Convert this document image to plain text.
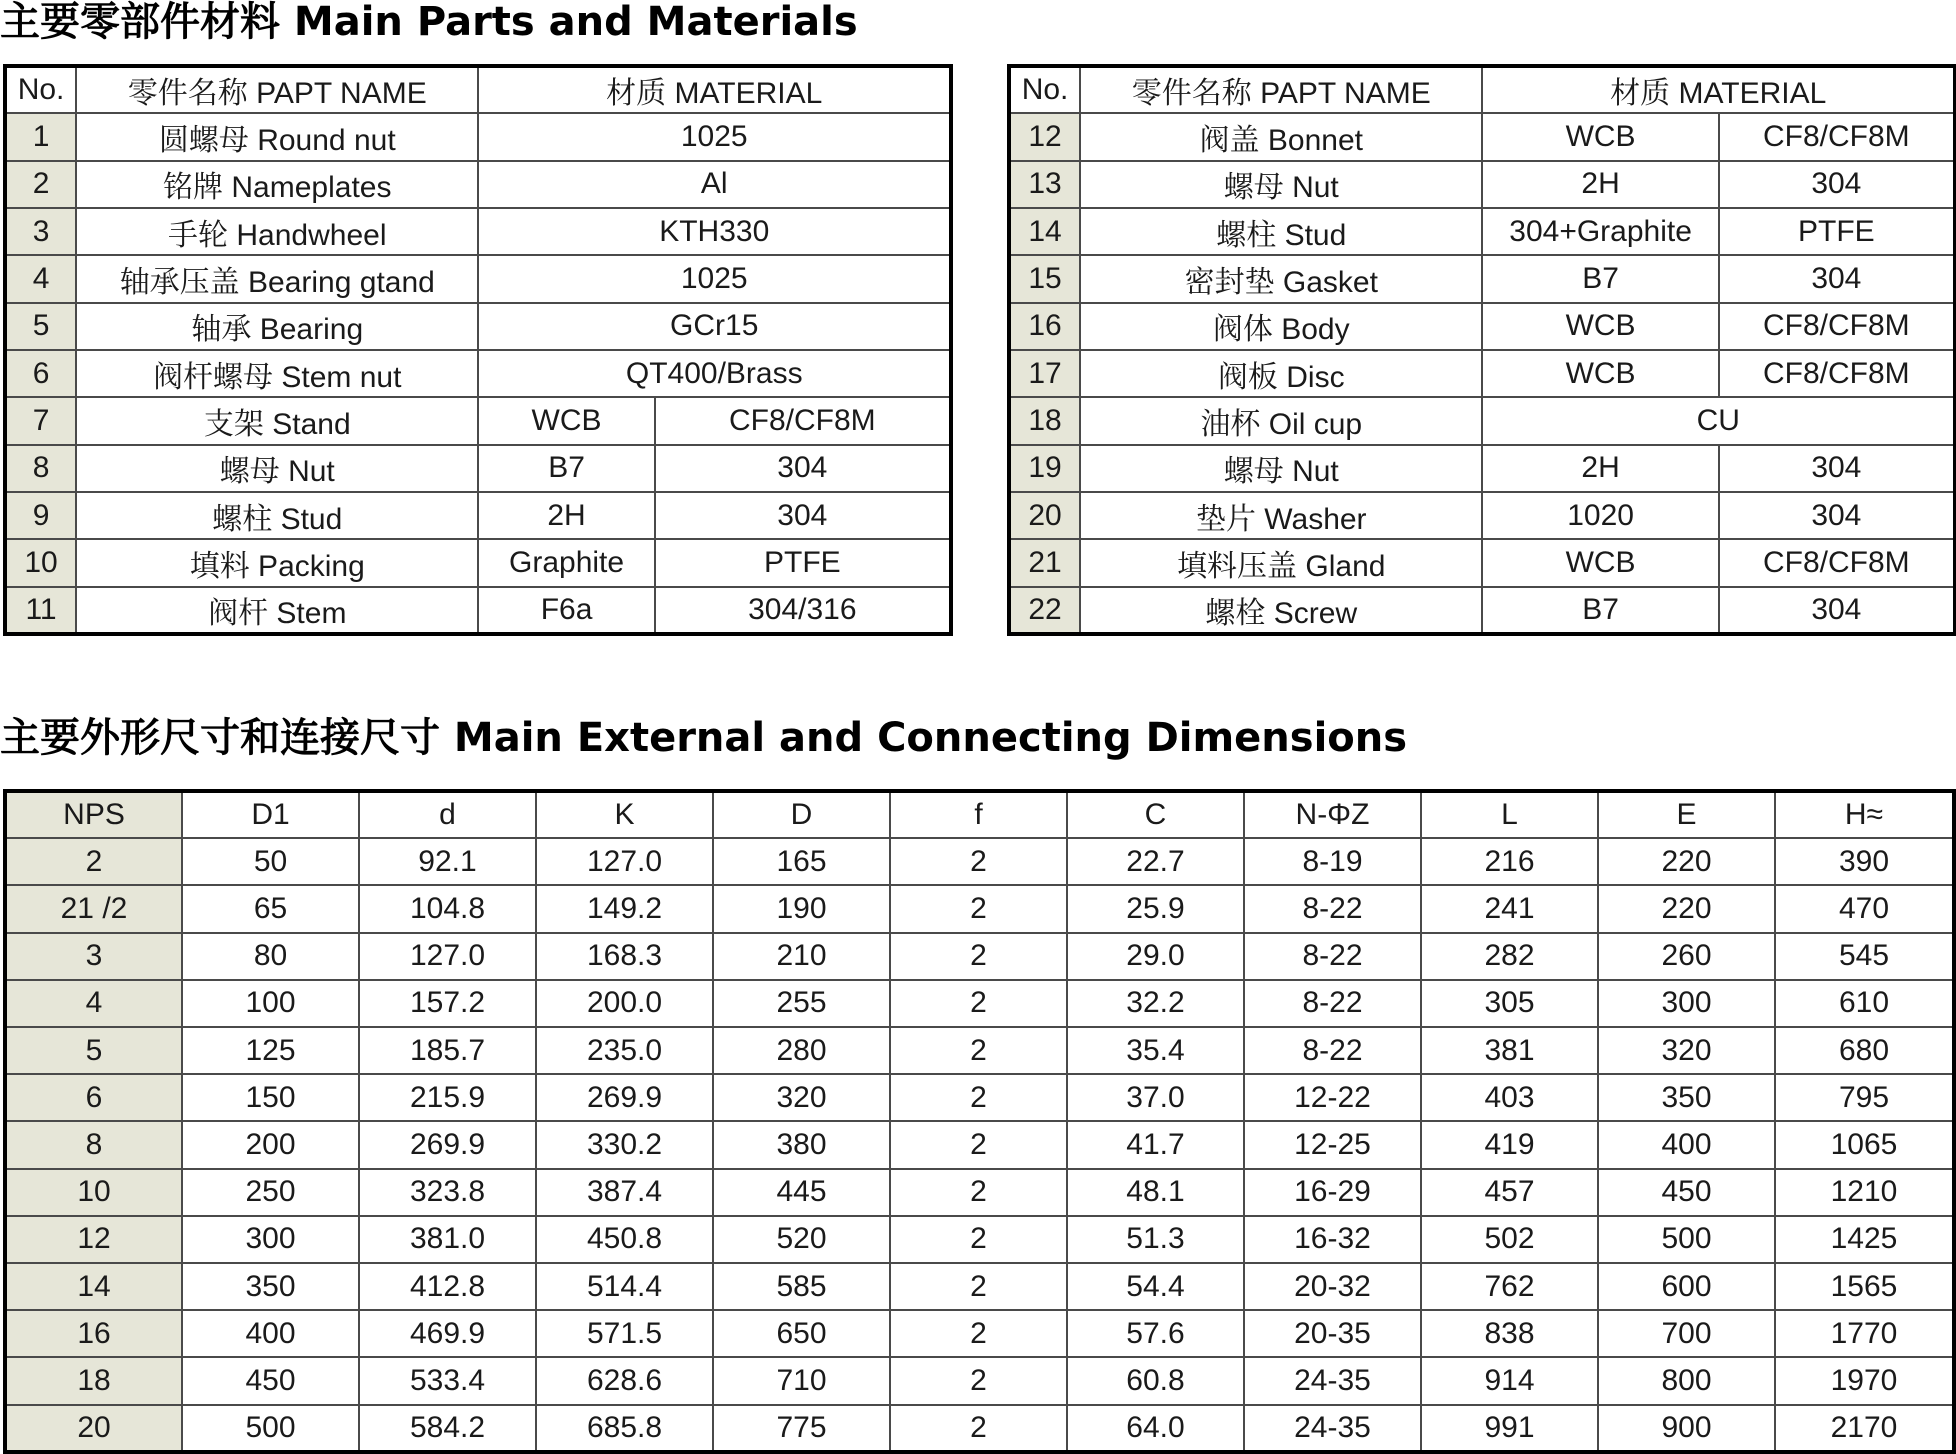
主要零部件材料 Main Parts and Materials
No.	零件名称 PAPT NAME	材质 MATERIAL	
1	圆螺母 Round nut	1025	
2	铭牌 Nameplates	Al	
3	手轮 Handwheel	KTH330	
4	轴承压盖 Bearing gtand	1025	
5	轴承 Bearing	GCr15	
6	阀杆螺母 Stem nut	QT400/Brass	
7	支架 Stand	WCB	CF8/CF8M
8	螺母 Nut	B7	304
9	螺柱 Stud	2H	304
10	填料 Packing	Graphite	PTFE
11	阀杆 Stem	F6a	304/316
No.	零件名称 PAPT NAME	材质 MATERIAL	
12	阀盖 Bonnet	WCB	CF8/CF8M
13	螺母 Nut	2H	304
14	螺柱 Stud	304+Graphite	PTFE
15	密封垫 Gasket	B7	304
16	阀体 Body	WCB	CF8/CF8M
17	阀板 Disc	WCB	CF8/CF8M
18	油杯 Oil cup	CU	
19	螺母 Nut	2H	304
20	垫片 Washer	1020	304
21	填料压盖 Gland	WCB	CF8/CF8M
22	螺栓 Screw	B7	304
主要外形尺寸和连接尺寸 Main External and Connecting Dimensions
NPS	D1	d	K	D	f	C	N-ΦZ	L	E	H≈
2	50	92.1	127.0	165	2	22.7	8-19	216	220	390
21 /2	65	104.8	149.2	190	2	25.9	8-22	241	220	470
3	80	127.0	168.3	210	2	29.0	8-22	282	260	545
4	100	157.2	200.0	255	2	32.2	8-22	305	300	610
5	125	185.7	235.0	280	2	35.4	8-22	381	320	680
6	150	215.9	269.9	320	2	37.0	12-22	403	350	795
8	200	269.9	330.2	380	2	41.7	12-25	419	400	1065
10	250	323.8	387.4	445	2	48.1	16-29	457	450	1210
12	300	381.0	450.8	520	2	51.3	16-32	502	500	1425
14	350	412.8	514.4	585	2	54.4	20-32	762	600	1565
16	400	469.9	571.5	650	2	57.6	20-35	838	700	1770
18	450	533.4	628.6	710	2	60.8	24-35	914	800	1970
20	500	584.2	685.8	775	2	64.0	24-35	991	900	2170
